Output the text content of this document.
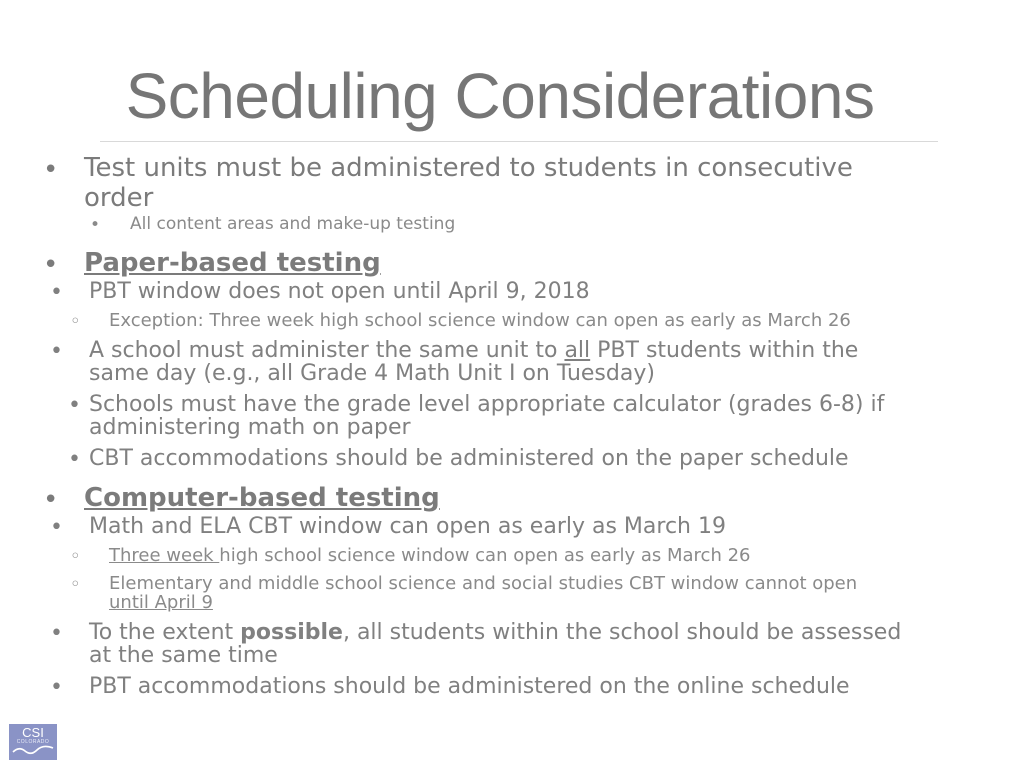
Scheduling Considerations
• Test units must be administered to students in consecutive
order
• All content areas and make-up testing
• Paper-based testing
• PBT window does not open until April 9, 2018
◦ Exception: Three week high school science window can open as early as March 26
• A school must administer the same unit to all PBT students within the
same day (e.g., all Grade 4 Math Unit I on Tuesday)
• Schools must have the grade level appropriate calculator (grades 6-8) if
administering math on paper
• CBT accommodations should be administered on the paper schedule
• Computer-based testing
• Math and ELA CBT window can open as early as March 19
◦ Three week high school science window can open as early as March 26
◦ Elementary and middle school science and social studies CBT window cannot open
until April 9
• To the extent possible, all students within the school should be assessed
at the same time
• PBT accommodations should be administered on the online schedule
CSI
COLORADO
